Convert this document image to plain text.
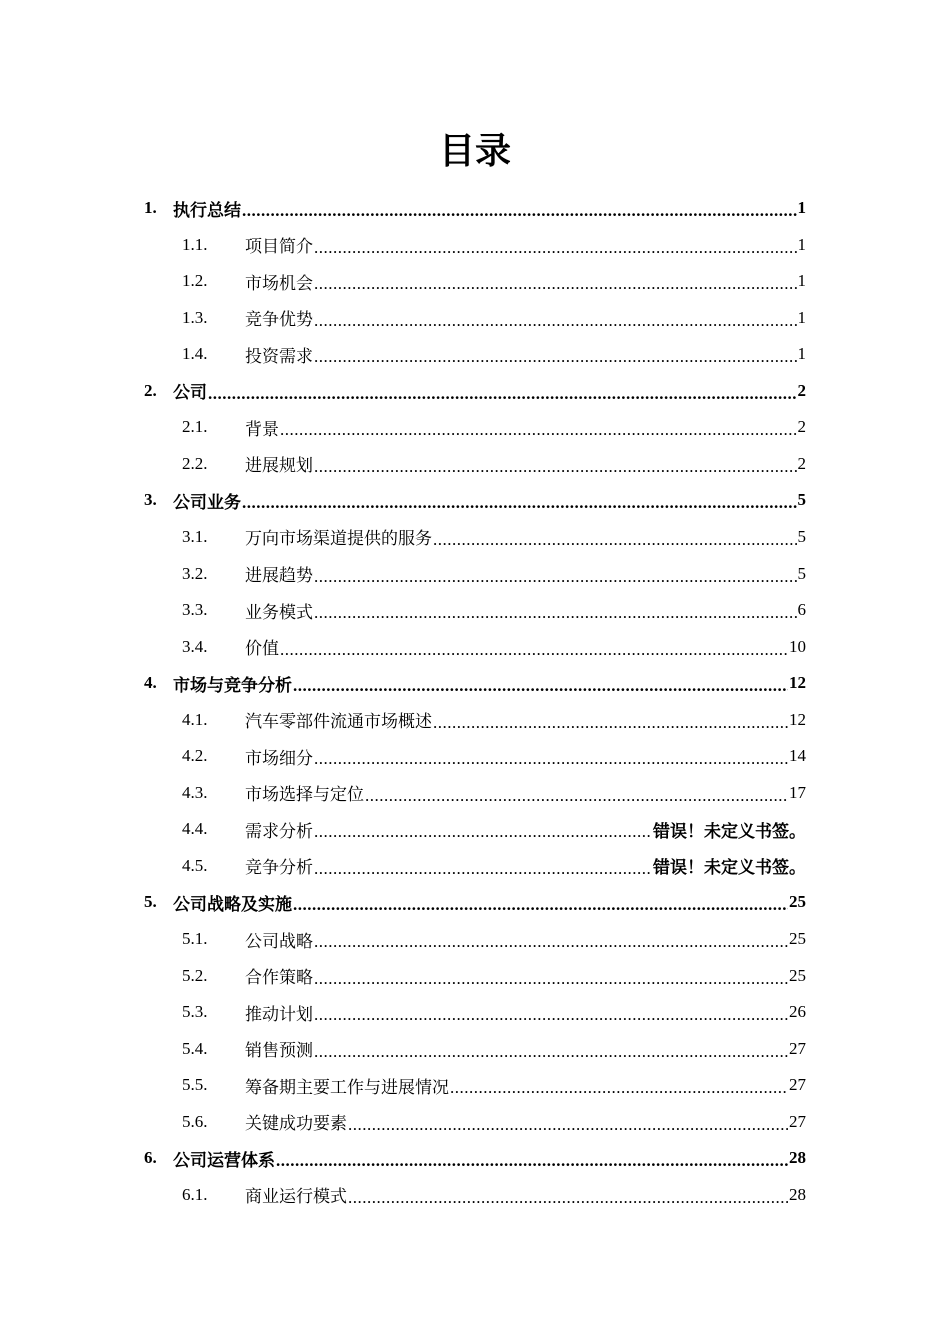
目录
1. 执行总结 .....	1
1.1.	项目简介 .....	1
1.2.	市场机会 .....	1
1.3.	竞争优势 .....	1
1.4.	投资需求 .....	1
2. 公司 .....	2
2.1.	背景 .....	2
2.2.	进展规划 .....	2
3. 公司业务 .....	5
3.1.	万向市场渠道提供的服务 .....	5
3.2.	进展趋势 .....	5
3.3.	业务模式 .....	6
3.4.	价值 .....	10
4. 市场与竞争分析 .....	12
4.1.	汽车零部件流通市场概述 .....	12
4.2.	市场细分 .....	14
4.3.	市场选择与定位 .....	17
4.4.	需求分析 .....	错误！未定义书签。
4.5.	竞争分析 .....	错误！未定义书签。
5. 公司战略及实施 .....	25
5.1.	公司战略 .....	25
5.2.	合作策略 .....	25
5.3.	推动计划 .....	26
5.4.	销售预测 .....	27
5.5.	筹备期主要工作与进展情况 .....	27
5.6.	关键成功要素 .....	27
6. 公司运营体系 .....	28
6.1.	商业运行模式 .....	28
